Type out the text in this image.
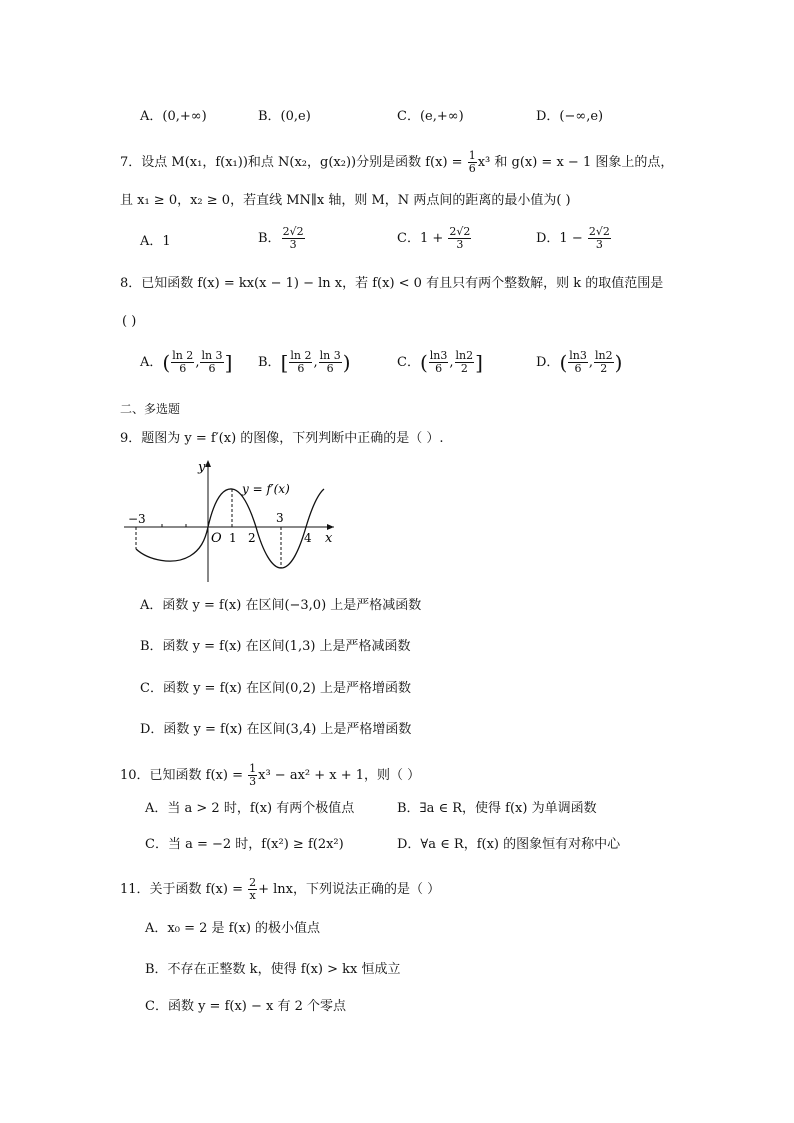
A．(0,+∞)	B．(0,e)	C．(e,+∞)	D．(−∞,e)
7．设点 M(x₁，f(x₁))和点 N(x₂，g(x₂))分别是函数 $f(x) = \frac{1}{6} x^3$ 和 g(x) = x − 1 图象上的点，
且 x₁ ≥ 0，x₂ ≥ 0，若直线 MN∥x 轴，则 M，N 两点间的距离的最小值为( )
A．1	B． $\frac{2√2}{3}$	C．$1 + \frac{2√2}{3}$	D．$1 - \frac{2√2}{3}$
8．已知函数 f(x) = kx(x − 1) − ln x，若 f(x) < 0 有且只有两个整数解，则 k 的取值范围是
( )
A．( $\frac{\ln 2}{6}$ , $\frac{\ln 3}{6}$ ] B．[ $\frac{\ln 2}{6}$ , $\frac{\ln 3}{6}$ )	C．( $\frac{\ln 3}{6}$ , $\frac{\ln 2}{2}$ ]	D．( $\frac{\ln 3}{6}$ , $\frac{\ln 2}{2}$ )
二、多选题
9．题图为 y = f′(x) 的图像，下列判断中正确的是（ ）.
y
x
O
−3
1 2
3
4
y = f′(x)
A．函数 y = f(x) 在区间(−3,0) 上是严格减函数
B．函数 y = f(x) 在区间(1,3) 上是严格减函数
C．函数 y = f(x) 在区间(0,2) 上是严格增函数
D．函数 y = f(x) 在区间(3,4) 上是严格增函数
10．已知函数 $f(x) = \frac{1}{3} x^3 - ax^2 + x + 1$，则（ ）
A．当 a > 2 时，f(x) 有两个极值点	B．∃a ∈ R，使得 f(x) 为单调函数
C．当 a = −2 时，f(x²) ≥ f(2x²)	D．∀a ∈ R，f(x) 的图象恒有对称中心
11．关于函数 $f(x) = \frac{2}{x} + \ln x$，下列说法正确的是（ ）
A．x₀ = 2 是 f(x) 的极小值点
B．不存在正整数 k，使得 f(x) > kx 恒成立
C．函数 y = f(x) − x 有 2 个零点
